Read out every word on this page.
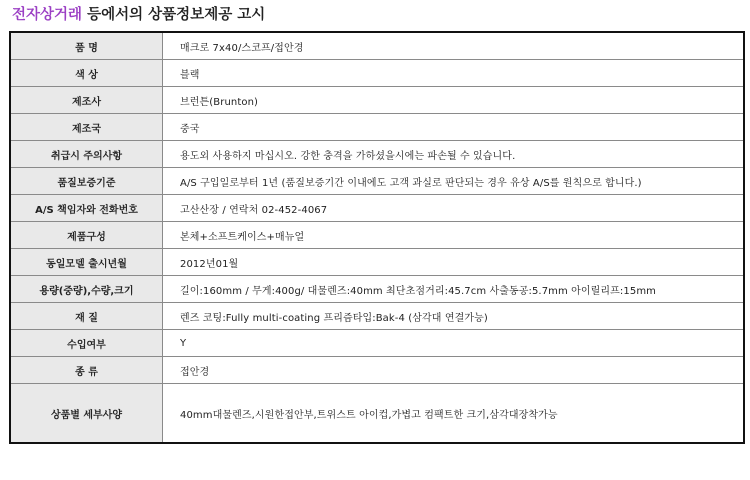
전자상거래 등에서의 상품정보제공 고시
품 명	매크로 7x40/스코프/접안경
색 상	블랙
제조사	브런튼(Brunton)
제조국	중국
취급시 주의사항	용도외 사용하지 마십시오. 강한 충격을 가하셨을시에는 파손될 수 있습니다.
품질보증기준	A/S 구입일로부터 1년 (품질보증기간 이내에도 고객 과실로 판단되는 경우 유상 A/S를 원칙으로 합니다.)
A/S 책임자와 전화번호	고산산장 / 연락처 02-452-4067
제품구성	본체+소프트케이스+매뉴얼
동일모델 출시년월	2012년01월
용량(중량),수량,크기	길이:160mm / 무게:400g/ 대물렌즈:40mm 최단초점거리:45.7cm 사출동공:5.7mm 아이릴리프:15mm
재 질	렌즈 코팅:Fully multi-coating 프리즘타입:Bak-4 (삼각대 연결가능)
수입여부	Y
종 류	접안경
상품별 세부사양	40mm대물렌즈,시원한접안부,트위스트 아이컵,가볍고 컴팩트한 크기,삼각대장착가능
